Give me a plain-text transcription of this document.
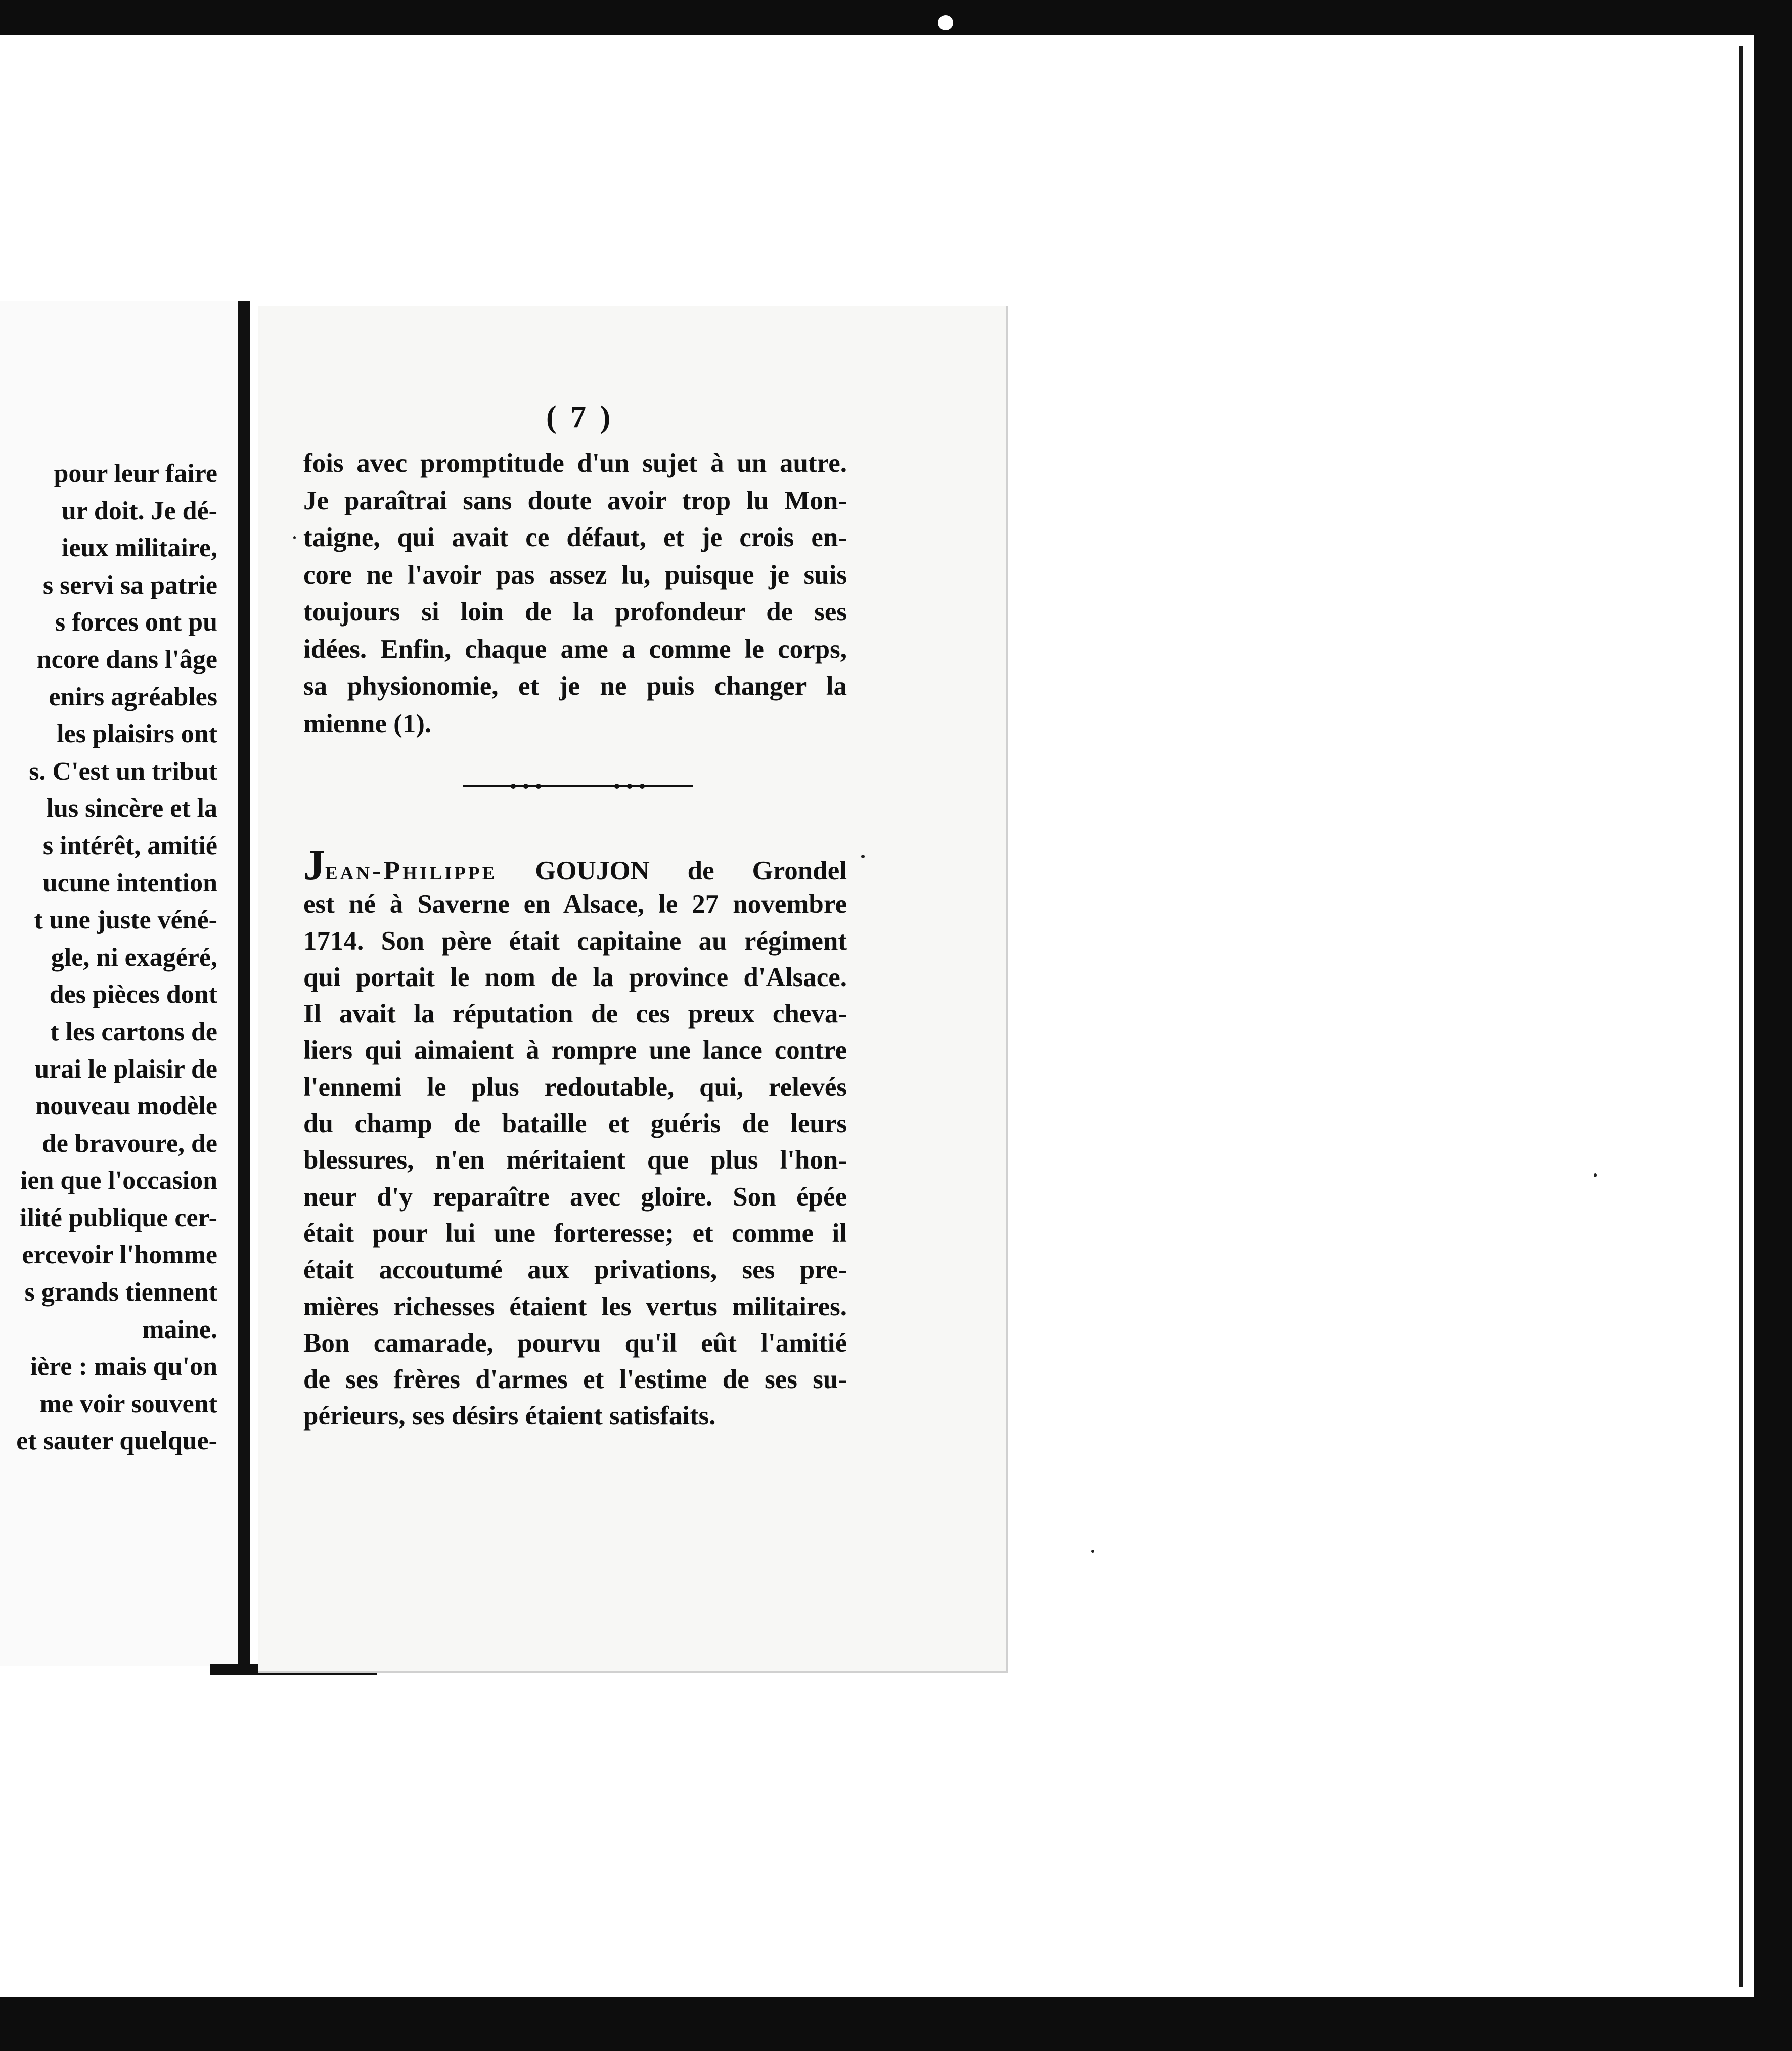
pour leur faire
ur doit. Je dé-
ieux militaire,
s servi sa patrie
s forces ont pu
ncore dans l'âge
enirs agréables
les plaisirs ont
s. C'est un tribut
lus sincère et la
s intérêt, amitié
ucune intention
t une juste véné-
gle, ni exagéré,
des pièces dont
t les cartons de
urai le plaisir de
nouveau modèle
de bravoure, de
ien que l'occasion
ilité publique cer-
ercevoir l'homme
s grands tiennent
maine.
ière : mais qu'on
me voir souvent
et sauter quelque-
( 7 )
fois avec promptitude d'un sujet à un autre.
Je paraîtrai sans doute avoir trop lu Mon-
taigne, qui avait ce défaut, et je crois en-
core ne l'avoir pas assez lu, puisque je suis
toujours si loin de la profondeur de ses
idées. Enfin, chaque ame a comme le corps,
sa physionomie, et je ne puis changer la
mienne (1).
Jean-Philippe GOUJON de Grondel
est né à Saverne en Alsace, le 27 novembre
1714. Son père était capitaine au régiment
qui portait le nom de la province d'Alsace.
Il avait la réputation de ces preux cheva-
liers qui aimaient à rompre une lance contre
l'ennemi le plus redoutable, qui, relevés
du champ de bataille et guéris de leurs
blessures, n'en méritaient que plus l'hon-
neur d'y reparaître avec gloire. Son épée
était pour lui une forteresse; et comme il
était accoutumé aux privations, ses pre-
mières richesses étaient les vertus militaires.
Bon camarade, pourvu qu'il eût l'amitié
de ses frères d'armes et l'estime de ses su-
périeurs, ses désirs étaient satisfaits.
